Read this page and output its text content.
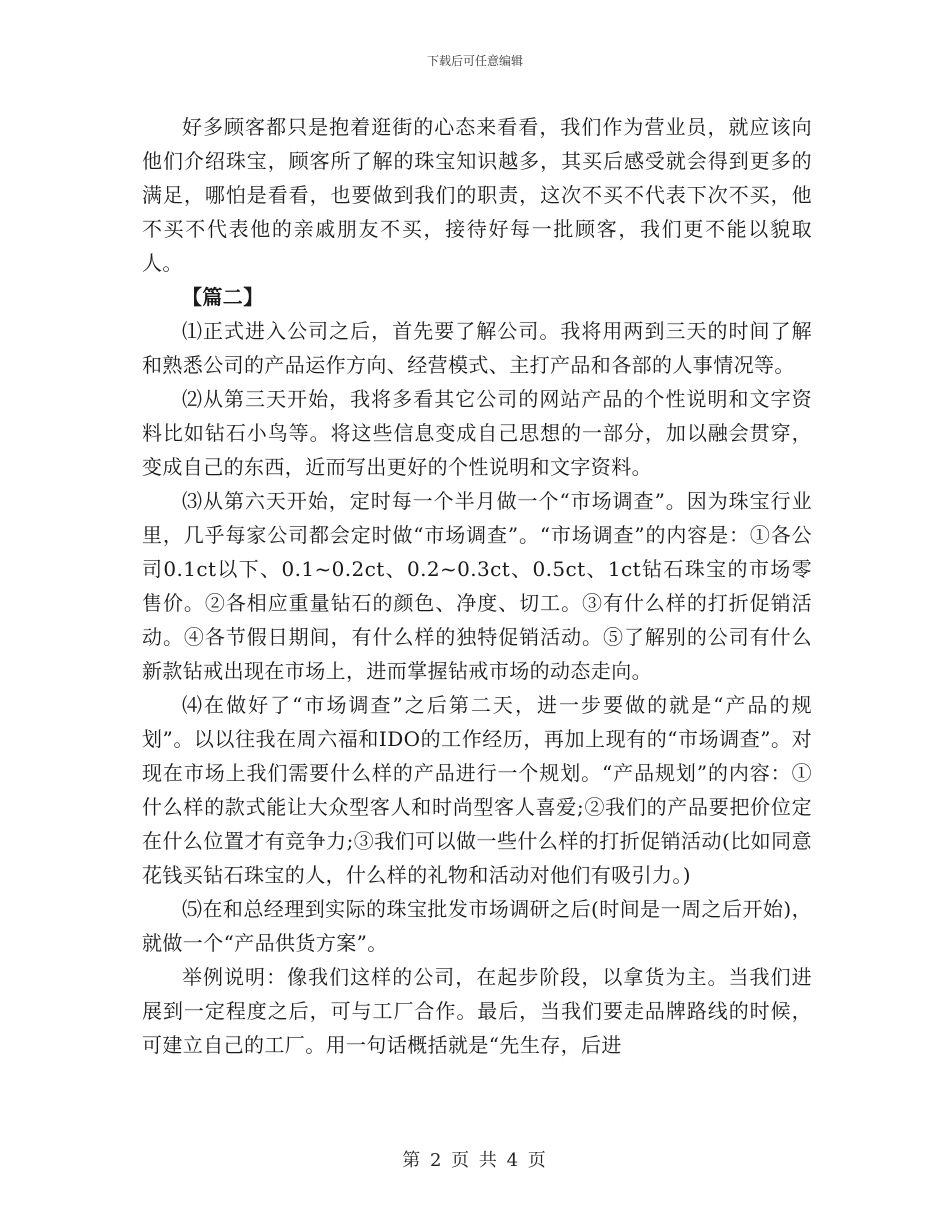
下载后可任意编辑

好多顾客都只是抱着逛街的心态来看看，我们作为营业员，就应该向他们介绍珠宝，顾客所了解的珠宝知识越多，其买后感受就会得到更多的满足，哪怕是看看，也要做到我们的职责，这次不买不代表下次不买，他不买不代表他的亲戚朋友不买，接待好每一批顾客，我们更不能以貌取人。

【篇二】

⑴正式进入公司之后，首先要了解公司。我将用两到三天的时间了解和熟悉公司的产品运作方向、经营模式、主打产品和各部的人事情况等。

⑵从第三天开始，我将多看其它公司的网站产品的个性说明和文字资料比如钻石小鸟等。将这些信息变成自己思想的一部分，加以融会贯穿，变成自己的东西，近而写出更好的个性说明和文字资料。

⑶从第六天开始，定时每一个半月做一个“市场调查”。因为珠宝行业里，几乎每家公司都会定时做“市场调查”。“市场调查”的内容是：①各公司0.1ct以下、0.1~0.2ct、0.2~0.3ct、0.5ct、1ct钻石珠宝的市场零售价。②各相应重量钻石的颜色、净度、切工。③有什么样的打折促销活动。④各节假日期间，有什么样的独特促销活动。⑤了解别的公司有什么新款钻戒出现在市场上，进而掌握钻戒市场的动态走向。

⑷在做好了“市场调查”之后第二天，进一步要做的就是“产品的规划”。以以往我在周六福和IDO的工作经历，再加上现有的“市场调查”。对现在市场上我们需要什么样的产品进行一个规划。“产品规划”的内容：①什么样的款式能让大众型客人和时尚型客人喜爱;②我们的产品要把价位定在什么位置才有竞争力;③我们可以做一些什么样的打折促销活动(比如同意花钱买钻石珠宝的人，什么样的礼物和活动对他们有吸引力。)

⑸在和总经理到实际的珠宝批发市场调研之后(时间是一周之后开始)，就做一个“产品供货方案”。

举例说明：像我们这样的公司，在起步阶段，以拿货为主。当我们进展到一定程度之后，可与工厂合作。最后，当我们要走品牌路线的时候，可建立自己的工厂。用一句话概括就是“先生存，后进

第 2 页 共 4 页
